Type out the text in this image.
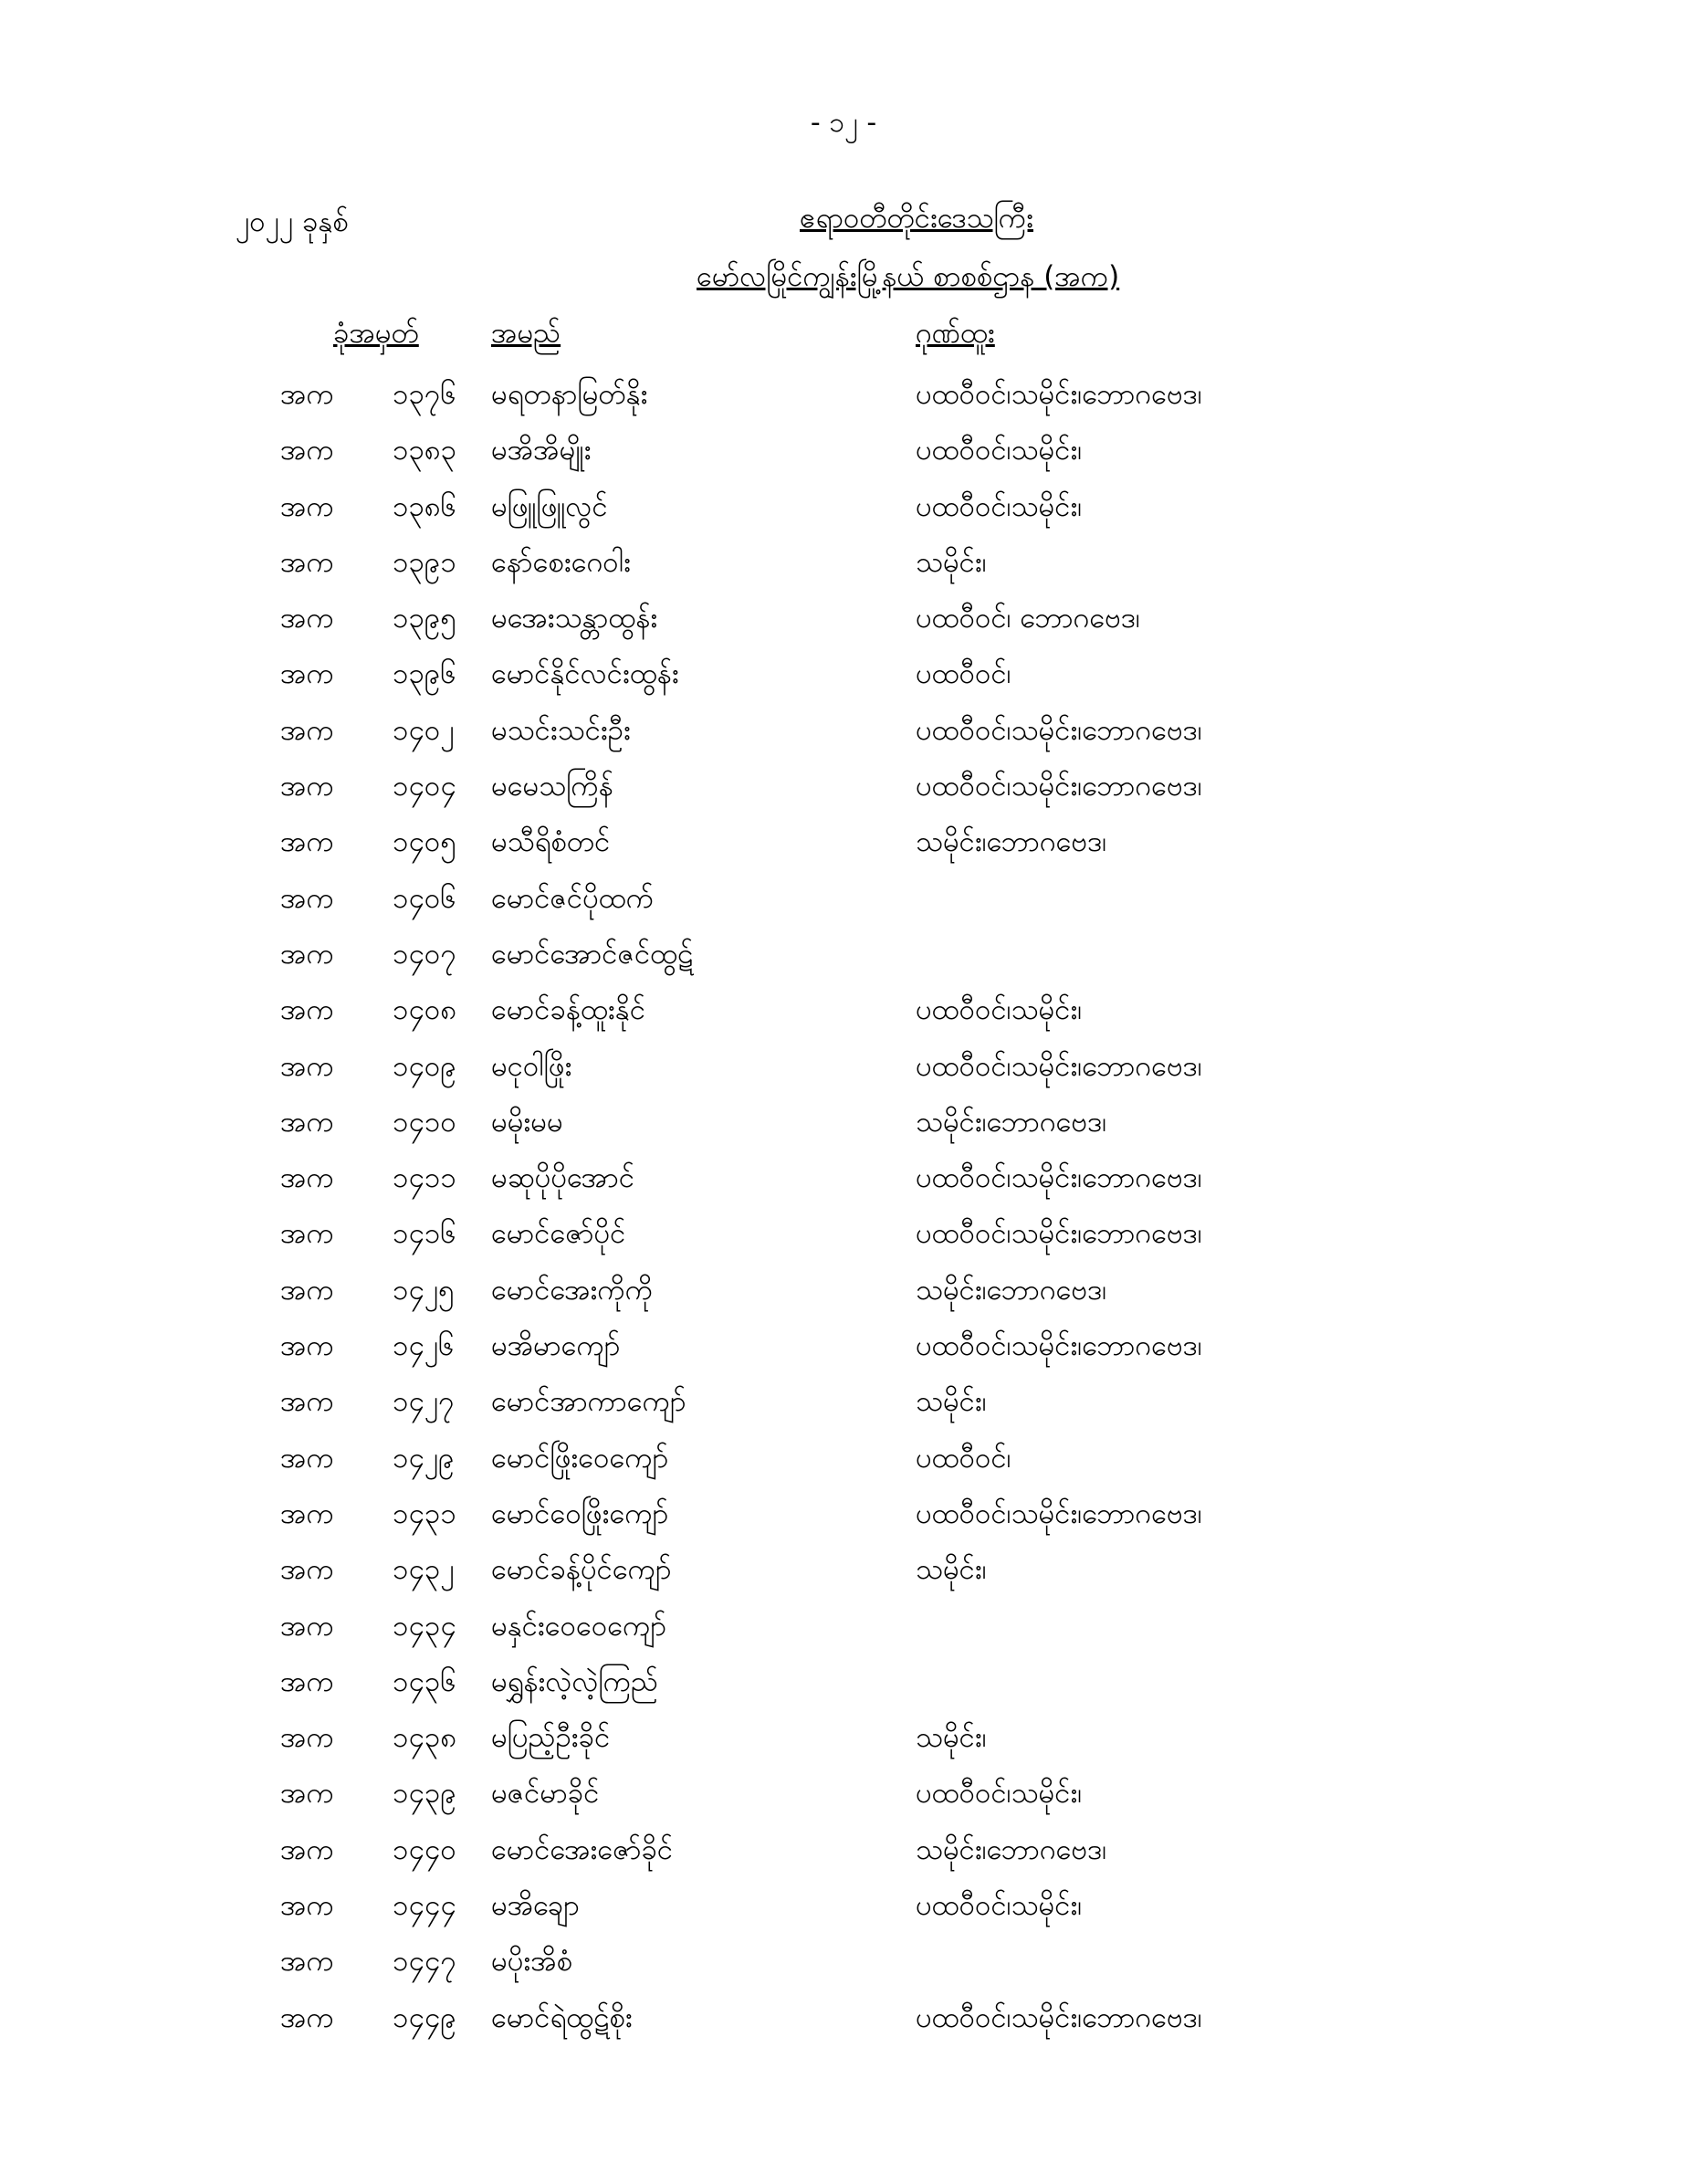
- ၁၂ -
၂၀၂၂ ခုနှစ်	ဧရာဝတီတိုင်းဒေသကြီး
မော်လမြိုင်ကျွန်းမြို့နယ် စာစစ်ဌာန (အက)
ခုံအမှတ်	အမည်	ဂုဏ်ထူး
အက ၁၃၇၆ မရတနာမြတ်နိုး	ပထဝီဝင်၊သမိုင်း၊ဘောဂဗေဒ၊
အက ၁၃၈၃ မအိအိမျိုး	ပထဝီဝင်၊သမိုင်း၊
အက ၁၃၈၆ မဖြူဖြူလွင်	ပထဝီဝင်၊သမိုင်း၊
အက ၁၃၉၁ နော်စေးဂေဝါး	သမိုင်း၊
အက ၁၃၉၅ မအေးသန္တာထွန်း	ပထဝီဝင်၊ ဘောဂဗေဒ၊
အက ၁၃၉၆ မောင်နိုင်လင်းထွန်း	ပထဝီဝင်၊
အက ၁၄၀၂ မသင်းသင်းဦး	ပထဝီဝင်၊သမိုင်း၊ဘောဂဗေဒ၊
အက ၁၄၀၄ မမေသကြိန်	ပထဝီဝင်၊သမိုင်း၊ဘောဂဗေဒ၊
အက ၁၄၀၅ မသီရိစံတင်	သမိုင်း၊ဘောဂဗေဒ၊
အက ၁၄၀၆ မောင်ဇင်ပိုထက်
အက ၁၄၀၇ မောင်အောင်ဇင်ထွဋ်
အက ၁၄၀၈ မောင်ခန့်ထူးနိုင်	ပထဝီဝင်၊သမိုင်း၊
အက ၁၄၀၉ မငုဝါဖြိုး	ပထဝီဝင်၊သမိုင်း၊ဘောဂဗေဒ၊
အက ၁၄၁၀ မမိုးမမ	သမိုင်း၊ဘောဂဗေဒ၊
အက ၁၄၁၁ မဆုပိုပိုအောင်	ပထဝီဝင်၊သမိုင်း၊ဘောဂဗေဒ၊
အက ၁၄၁၆ မောင်ဇော်ပိုင်	ပထဝီဝင်၊သမိုင်း၊ဘောဂဗေဒ၊
အက ၁၄၂၅ မောင်အေးကိုကို	သမိုင်း၊ဘောဂဗေဒ၊
အက ၁၄၂၆ မအိမာကျော်	ပထဝီဝင်၊သမိုင်း၊ဘောဂဗေဒ၊
အက ၁၄၂၇ မောင်အာကာကျော်	သမိုင်း၊
အက ၁၄၂၉ မောင်ဖြိုးဝေကျော်	ပထဝီဝင်၊
အက ၁၄၃၁ မောင်ဝေဖြိုးကျော်	ပထဝီဝင်၊သမိုင်း၊ဘောဂဗေဒ၊
အက ၁၄၃၂ မောင်ခန့်ပိုင်ကျော်	သမိုင်း၊
အက ၁၄၃၄ မနှင်းဝေဝေကျော်
အက ၁၄၃၆ မရွှန်းလဲ့လဲ့ကြည်
အက ၁၄၃၈ မပြည့်ဦးခိုင်	သမိုင်း၊
အက ၁၄၃၉ မဇင်မာခိုင်	ပထဝီဝင်၊သမိုင်း၊
အက ၁၄၄၀ မောင်အေးဇော်ခိုင်	သမိုင်း၊ဘောဂဗေဒ၊
အက ၁၄၄၄ မအိချော	ပထဝီဝင်၊သမိုင်း၊
အက ၁၄၄၇ မပိုးအိစံ
အက ၁၄၄၉ မောင်ရဲထွဋ်စိုး	ပထဝီဝင်၊သမိုင်း၊ဘောဂဗေဒ၊
